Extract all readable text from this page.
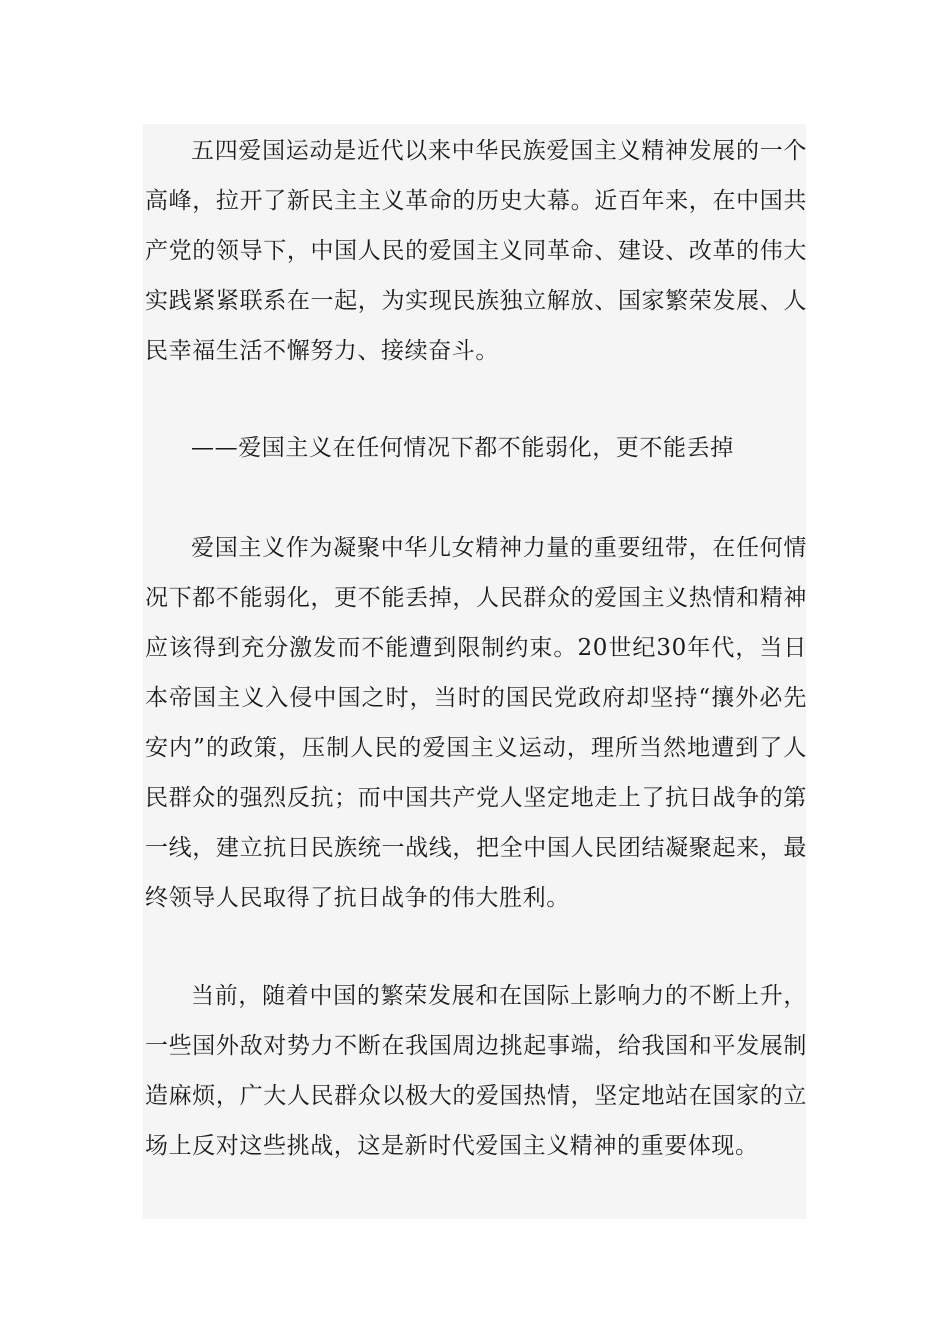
五四爱国运动是近代以来中华民族爱国主义精神发展的一个高峰，拉开了新民主主义革命的历史大幕。近百年来，在中国共产党的领导下，中国人民的爱国主义同革命、建设、改革的伟大实践紧紧联系在一起，为实现民族独立解放、国家繁荣发展、人民幸福生活不懈努力、接续奋斗。

——爱国主义在任何情况下都不能弱化，更不能丢掉

爱国主义作为凝聚中华儿女精神力量的重要纽带，在任何情况下都不能弱化，更不能丢掉，人民群众的爱国主义热情和精神应该得到充分激发而不能遭到限制约束。20世纪30年代，当日本帝国主义入侵中国之时，当时的国民党政府却坚持“攘外必先安内”的政策，压制人民的爱国主义运动，理所当然地遭到了人民群众的强烈反抗；而中国共产党人坚定地走上了抗日战争的第一线，建立抗日民族统一战线，把全中国人民团结凝聚起来，最终领导人民取得了抗日战争的伟大胜利。

当前，随着中国的繁荣发展和在国际上影响力的不断上升，一些国外敌对势力不断在我国周边挑起事端，给我国和平发展制造麻烦，广大人民群众以极大的爱国热情，坚定地站在国家的立场上反对这些挑战，这是新时代爱国主义精神的重要体现。
